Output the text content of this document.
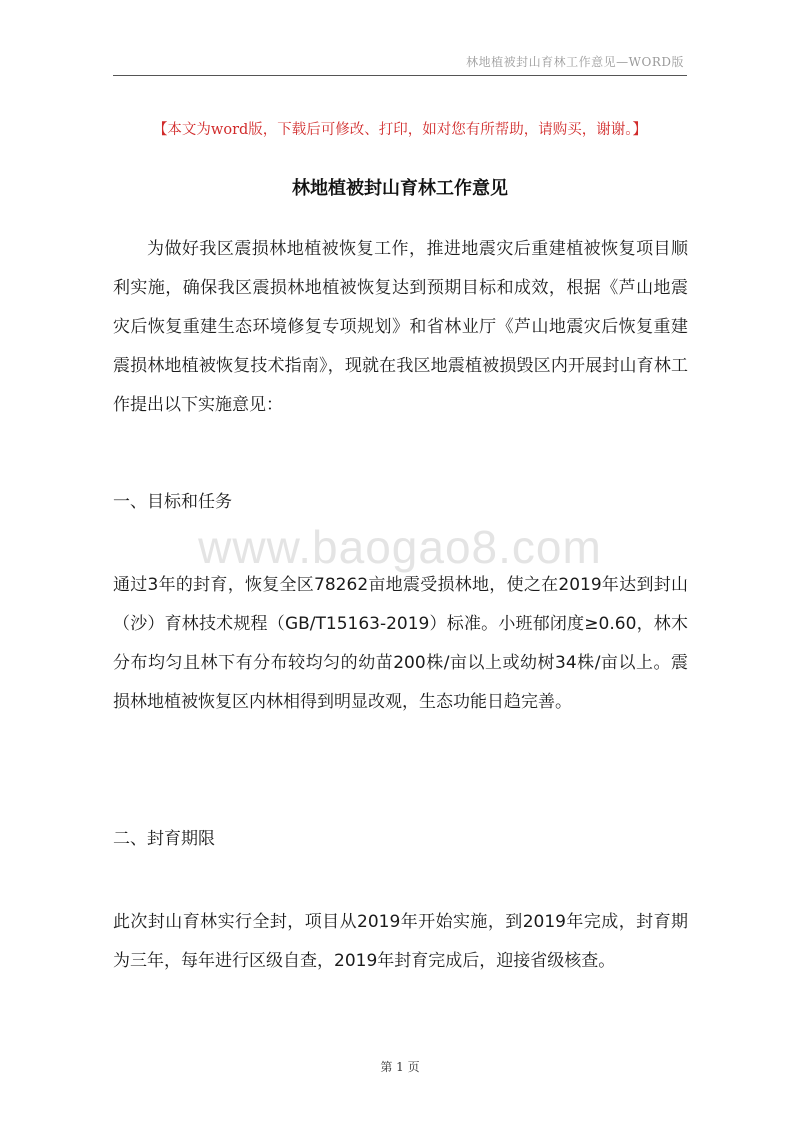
林地植被封山育林工作意见—WORD版
【本文为word版，下载后可修改、打印，如对您有所帮助，请购买，谢谢。】
林地植被封山育林工作意见

为做好我区震损林地植被恢复工作，推进地震灾后重建植被恢复项目顺利实施，确保我区震损林地植被恢复达到预期目标和成效，根据《芦山地震灾后恢复重建生态环境修复专项规划》和省林业厅《芦山地震灾后恢复重建震损林地植被恢复技术指南》，现就在我区地震植被损毁区内开展封山育林工作提出以下实施意见：

一、目标和任务

www.baogao8.com

通过3年的封育，恢复全区78262亩地震受损林地，使之在2019年达到封山（沙）育林技术规程（GB/T15163-2019）标准。小班郁闭度≥0.60，林木分布均匀且林下有分布较均匀的幼苗200株/亩以上或幼树34株/亩以上。震损林地植被恢复区内林相得到明显改观，生态功能日趋完善。

二、封育期限

此次封山育林实行全封，项目从2019年开始实施，到2019年完成，封育期为三年，每年进行区级自查，2019年封育完成后，迎接省级核查。

第 1 页
